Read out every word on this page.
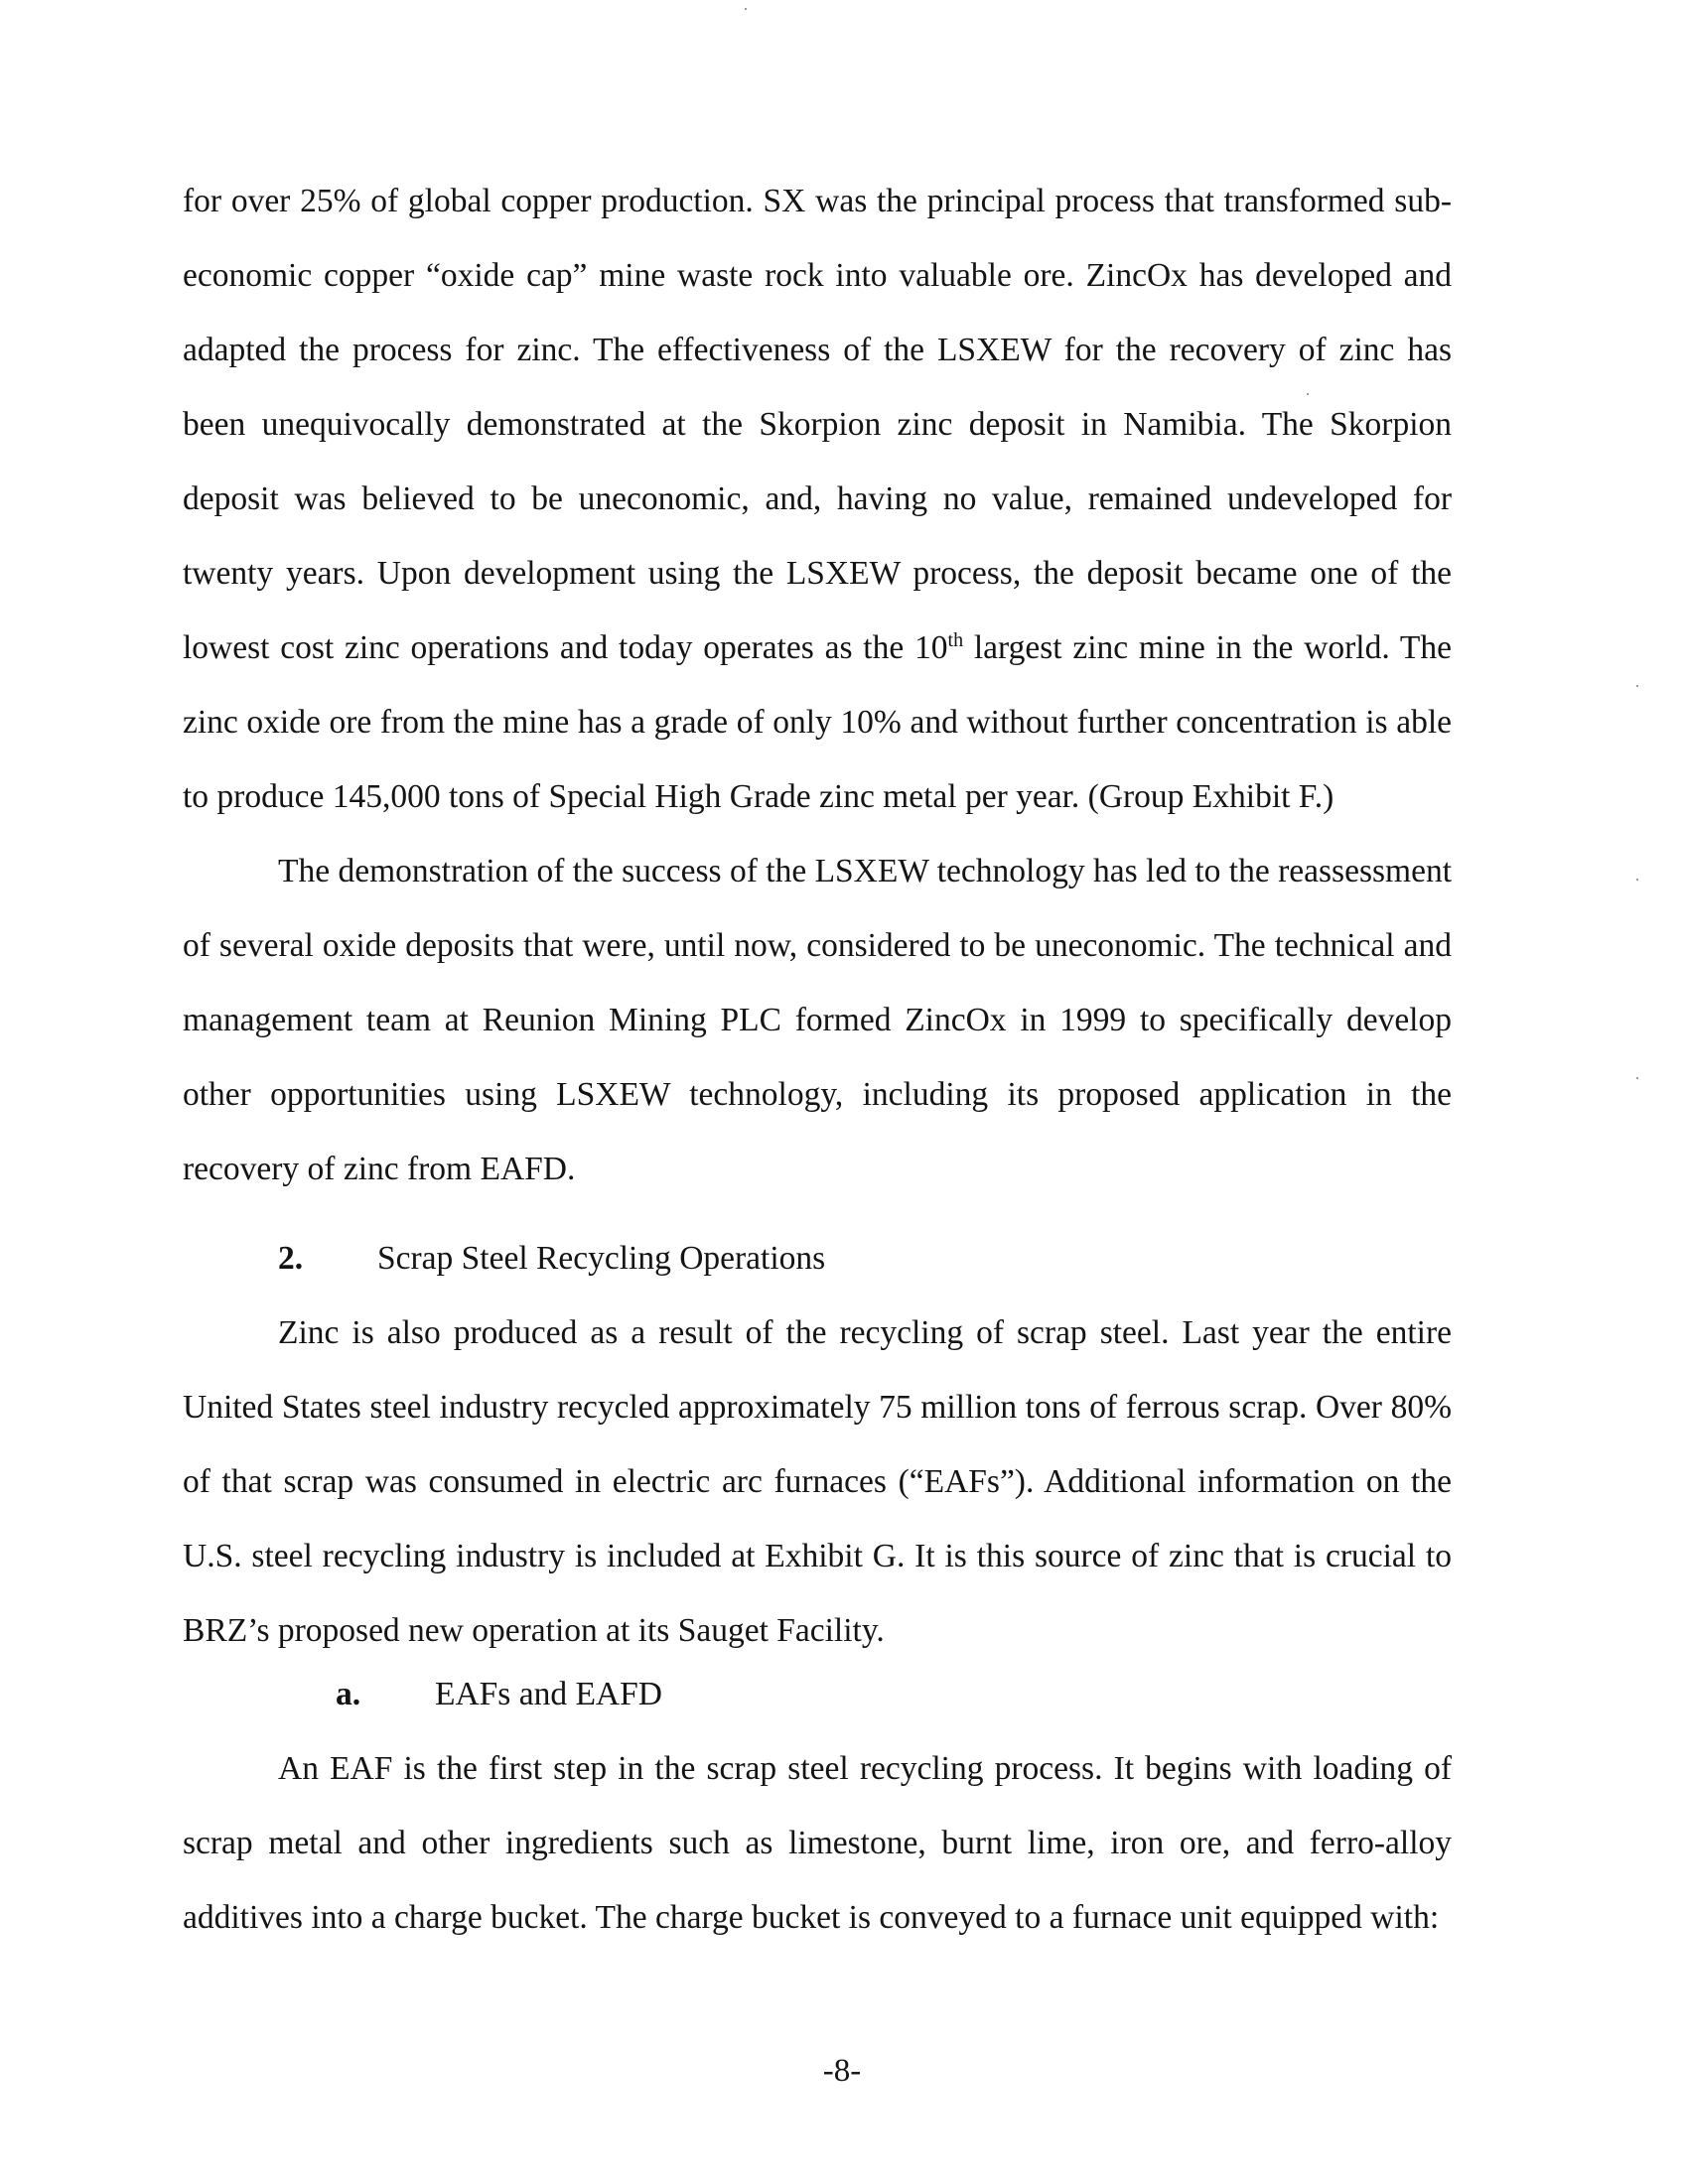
for over 25% of global copper production. SX was the principal process that transformed sub-economic copper “oxide cap” mine waste rock into valuable ore. ZincOx has developed and adapted the process for zinc. The effectiveness of the LSXEW for the recovery of zinc has been unequivocally demonstrated at the Skorpion zinc deposit in Namibia. The Skorpion deposit was believed to be uneconomic, and, having no value, remained undeveloped for twenty years. Upon development using the LSXEW process, the deposit became one of the lowest cost zinc operations and today operates as the 10th largest zinc mine in the world. The zinc oxide ore from the mine has a grade of only 10% and without further concentration is able to produce 145,000 tons of Special High Grade zinc metal per year. (Group Exhibit F.)

The demonstration of the success of the LSXEW technology has led to the reassessment of several oxide deposits that were, until now, considered to be uneconomic. The technical and management team at Reunion Mining PLC formed ZincOx in 1999 to specifically develop other opportunities using LSXEW technology, including its proposed application in the recovery of zinc from EAFD.

2. Scrap Steel Recycling Operations

Zinc is also produced as a result of the recycling of scrap steel. Last year the entire United States steel industry recycled approximately 75 million tons of ferrous scrap. Over 80% of that scrap was consumed in electric arc furnaces (“EAFs”). Additional information on the U.S. steel recycling industry is included at Exhibit G. It is this source of zinc that is crucial to BRZ’s proposed new operation at its Sauget Facility.

a. EAFs and EAFD

An EAF is the first step in the scrap steel recycling process. It begins with loading of scrap metal and other ingredients such as limestone, burnt lime, iron ore, and ferro-alloy additives into a charge bucket. The charge bucket is conveyed to a furnace unit equipped with:

-8-
